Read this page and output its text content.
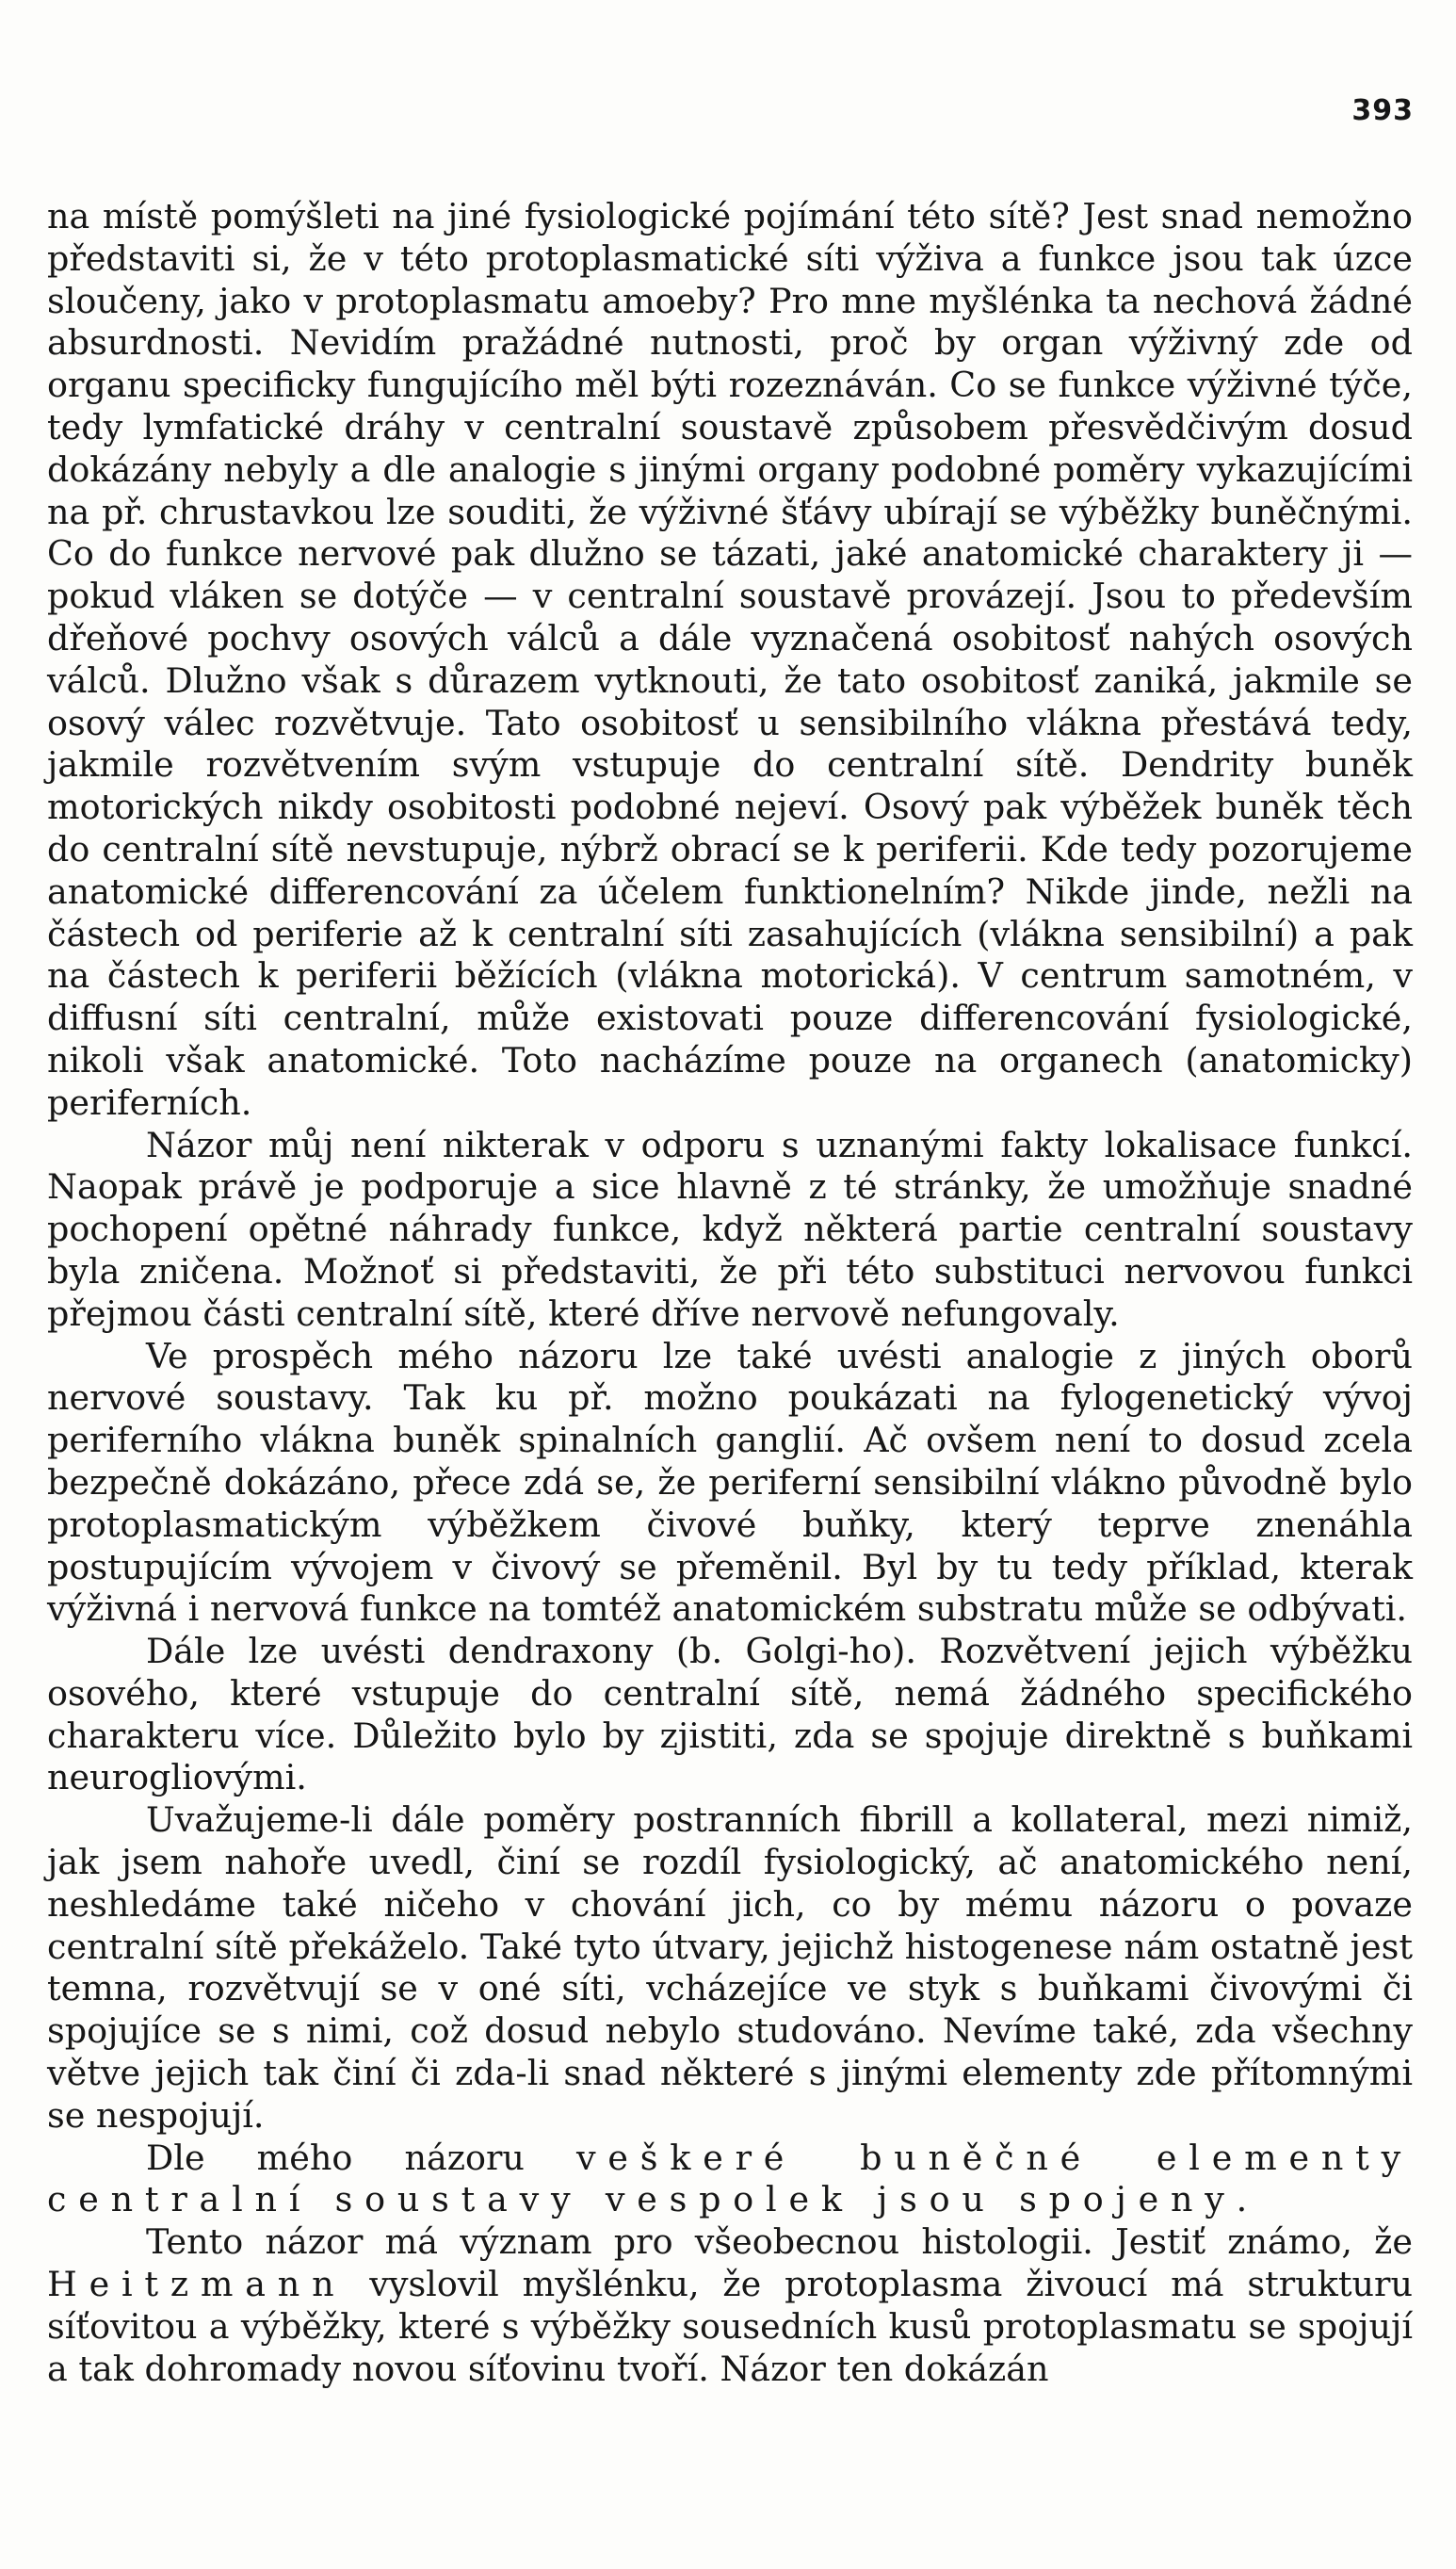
393

na místě pomýšleti na jiné fysiologické pojímání této sítě? Jest snad nemožno představiti si, že v této protoplasmatické síti výživa a funkce jsou tak úzce sloučeny, jako v protoplasmatu amoeby? Pro mne myšlénka ta nechová žádné absurdnosti. Nevidím pražádné nutnosti, proč by organ výživný zde od organu specificky fungujícího měl býti rozeznáván. Co se funkce výživné týče, tedy lymfatické dráhy v centralní soustavě způsobem přesvědčivým dosud dokázány nebyly a dle analogie s jinými organy podobné poměry vykazujícími na př. chrustavkou lze souditi, že výživné šťávy ubírají se výběžky buněčnými. Co do funkce nervové pak dlužno se tázati, jaké anatomické charaktery ji — pokud vláken se dotýče — v centralní soustavě provázejí. Jsou to především dřeňové pochvy osových válců a dále vyznačená osobitosť nahých osových válců. Dlužno však s důrazem vytknouti, že tato osobitosť zaniká, jakmile se osový válec rozvětvuje. Tato osobitosť u sensibilního vlákna přestává tedy, jakmile rozvětvením svým vstupuje do centralní sítě. Dendrity buněk motorických nikdy osobitosti podobné nejeví. Osový pak výběžek buněk těch do centralní sítě nevstupuje, nýbrž obrací se k periferii. Kde tedy pozorujeme anatomické differencování za účelem funktionelním? Nikde jinde, nežli na částech od periferie až k centralní síti zasahujících (vlákna sensibilní) a pak na částech k periferii běžících (vlákna motorická). V centrum samotném, v diffusní síti centralní, může existovati pouze differencování fysiologické, nikoli však anatomické. Toto nacházíme pouze na organech (anatomicky) periferních.

Názor můj není nikterak v odporu s uznanými fakty lokalisace funkcí. Naopak právě je podporuje a sice hlavně z té stránky, že umožňuje snadné pochopení opětné náhrady funkce, když některá partie centralní soustavy byla zničena. Možnoť si představiti, že při této substituci nervovou funkci přejmou části centralní sítě, které dříve nervově nefungovaly.

Ve prospěch mého názoru lze také uvésti analogie z jiných oborů nervové soustavy. Tak ku př. možno poukázati na fylogenetický vývoj periferního vlákna buněk spinalních ganglií. Ač ovšem není to dosud zcela bezpečně dokázáno, přece zdá se, že periferní sensibilní vlákno původně bylo protoplasmatickým výběžkem čivové buňky, který teprve znenáhla postupujícím vývojem v čivový se přeměnil. Byl by tu tedy příklad, kterak výživná i nervová funkce na tomtéž anatomickém substratu může se odbývati.

Dále lze uvésti dendraxony (b. Golgi-ho). Rozvětvení jejich výběžku osového, které vstupuje do centralní sítě, nemá žádného specifického charakteru více. Důležito bylo by zjistiti, zda se spojuje direktně s buňkami neurogliovými.

Uvažujeme-li dále poměry postranních fibrill a kollateral, mezi nimiž, jak jsem nahoře uvedl, činí se rozdíl fysiologický, ač anatomického není, neshledáme také ničeho v chování jich, co by mému názoru o povaze centralní sítě překáželo. Také tyto útvary, jejichž histogenese nám ostatně jest temna, rozvětvují se v oné síti, vcházejíce ve styk s buňkami čivovými či spojujíce se s nimi, což dosud nebylo studováno. Nevíme také, zda všechny větve jejich tak činí či zda-li snad některé s jinými elementy zde přítomnými se nespojují.

Dle mého názoru veškeré buněčné elementy centralní soustavy vespolek jsou spojeny.

Tento názor má význam pro všeobecnou histologii. Jestiť známo, že Heitzmann vyslovil myšlénku, že protoplasma živoucí má strukturu síťovitou a výběžky, které s výběžky sousedních kusů protoplasmatu se spojují a tak dohromady novou síťovinu tvoří. Názor ten dokázán
